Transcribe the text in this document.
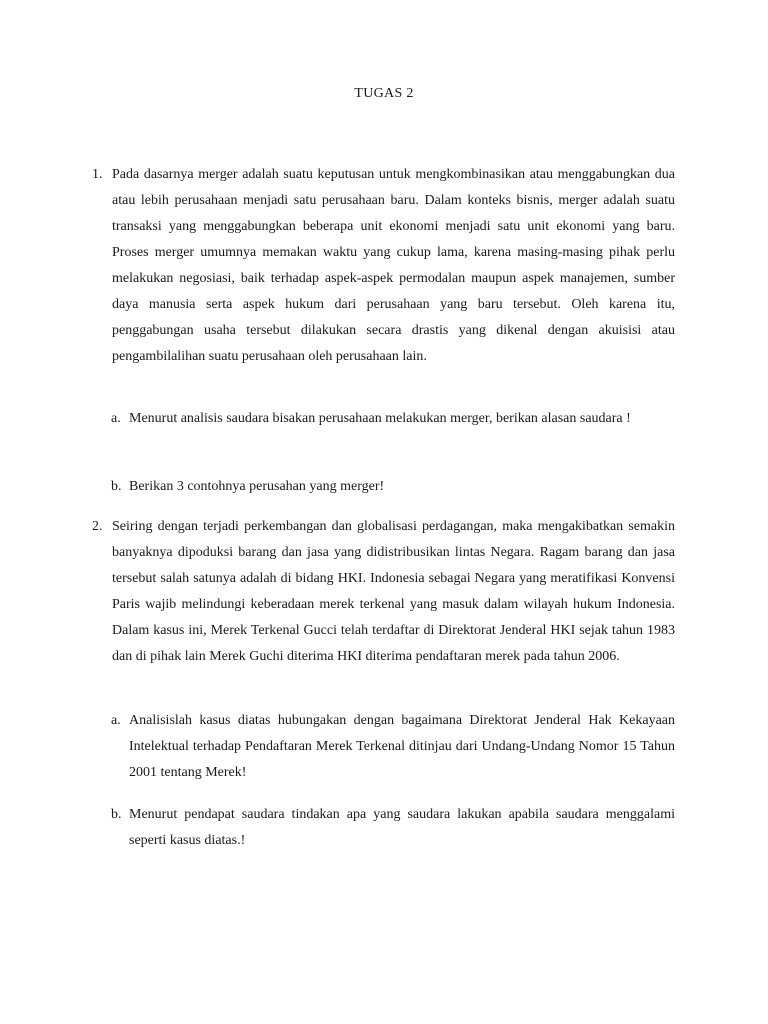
TUGAS 2
1. Pada dasarnya merger adalah suatu keputusan untuk mengkombinasikan atau menggabungkan dua atau lebih perusahaan menjadi satu perusahaan baru. Dalam konteks bisnis, merger adalah suatu transaksi yang menggabungkan beberapa unit ekonomi menjadi satu unit ekonomi yang baru. Proses merger umumnya memakan waktu yang cukup lama, karena masing-masing pihak perlu melakukan negosiasi, baik terhadap aspek-aspek permodalan maupun aspek manajemen, sumber daya manusia serta aspek hukum dari perusahaan yang baru tersebut. Oleh karena itu, penggabungan usaha tersebut dilakukan secara drastis yang dikenal dengan akuisisi atau pengambilalihan suatu perusahaan oleh perusahaan lain.
a. Menurut analisis saudara bisakan perusahaan melakukan merger, berikan alasan saudara !
b. Berikan 3 contohnya perusahan yang merger!
2. Seiring dengan terjadi perkembangan dan globalisasi perdagangan, maka mengakibatkan semakin banyaknya dipoduksi barang dan jasa yang didistribusikan lintas Negara. Ragam barang dan jasa tersebut salah satunya adalah di bidang HKI. Indonesia sebagai Negara yang meratifikasi Konvensi Paris wajib melindungi keberadaan merek terkenal yang masuk dalam wilayah hukum Indonesia. Dalam kasus ini, Merek Terkenal Gucci telah terdaftar di Direktorat Jenderal HKI sejak tahun 1983 dan di pihak lain Merek Guchi diterima HKI diterima pendaftaran merek pada tahun 2006.
a. Analisislah kasus diatas hubungakan dengan bagaimana Direktorat Jenderal Hak Kekayaan Intelektual terhadap Pendaftaran Merek Terkenal ditinjau dari Undang-Undang Nomor 15 Tahun 2001 tentang Merek!
b. Menurut pendapat saudara tindakan apa yang saudara lakukan apabila saudara menggalami seperti kasus diatas.!
